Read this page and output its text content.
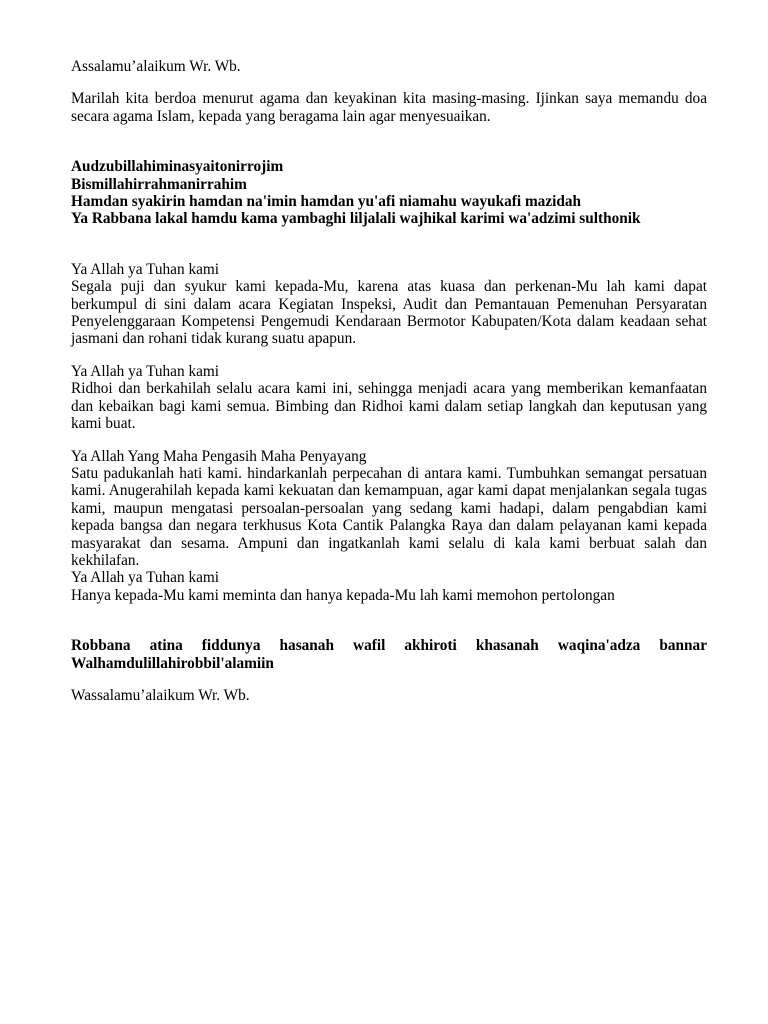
Assalamu’alaikum Wr. Wb.

Marilah kita berdoa menurut agama dan keyakinan kita masing-masing. Ijinkan saya memandu doa secara agama Islam, kepada yang beragama lain agar menyesuaikan.

Audzubillahiminasyaitonirrojim

Bismillahirrahmanirrahim

Hamdan syakirin hamdan na'imin hamdan yu'afi niamahu wayukafi mazidah

Ya Rabbana lakal hamdu kama yambaghi liljalali wajhikal karimi wa'adzimi sulthonik

Ya Allah ya Tuhan kami

Segala puji dan syukur kami kepada-Mu, karena atas kuasa dan perkenan-Mu lah kami dapat berkumpul di sini dalam acara Kegiatan Inspeksi, Audit dan Pemantauan Pemenuhan Persyaratan Penyelenggaraan Kompetensi Pengemudi Kendaraan Bermotor Kabupaten/Kota dalam keadaan sehat jasmani dan rohani tidak kurang suatu apapun.

Ya Allah ya Tuhan kami

Ridhoi dan berkahilah selalu acara kami ini, sehingga menjadi acara yang memberikan kemanfaatan dan kebaikan bagi kami semua. Bimbing dan Ridhoi kami dalam setiap langkah dan keputusan yang kami buat.

Ya Allah Yang Maha Pengasih Maha Penyayang

Satu padukanlah hati kami. hindarkanlah perpecahan di antara kami. Tumbuhkan semangat persatuan kami. Anugerahilah kepada kami kekuatan dan kemampuan, agar kami dapat menjalankan segala tugas kami, maupun mengatasi persoalan-persoalan yang sedang kami hadapi, dalam pengabdian kami kepada bangsa dan negara terkhusus Kota Cantik Palangka Raya dan dalam pelayanan kami kepada masyarakat dan sesama. Ampuni dan ingatkanlah kami selalu di kala kami berbuat salah dan kekhilafan.

Ya Allah ya Tuhan kami

Hanya kepada-Mu kami meminta dan hanya kepada-Mu lah kami memohon pertolongan

Robbana atina fiddunya hasanah wafil akhiroti khasanah waqina'adza bannar Walhamdulillahirobbil'alamiin

Wassalamu’alaikum Wr. Wb.
